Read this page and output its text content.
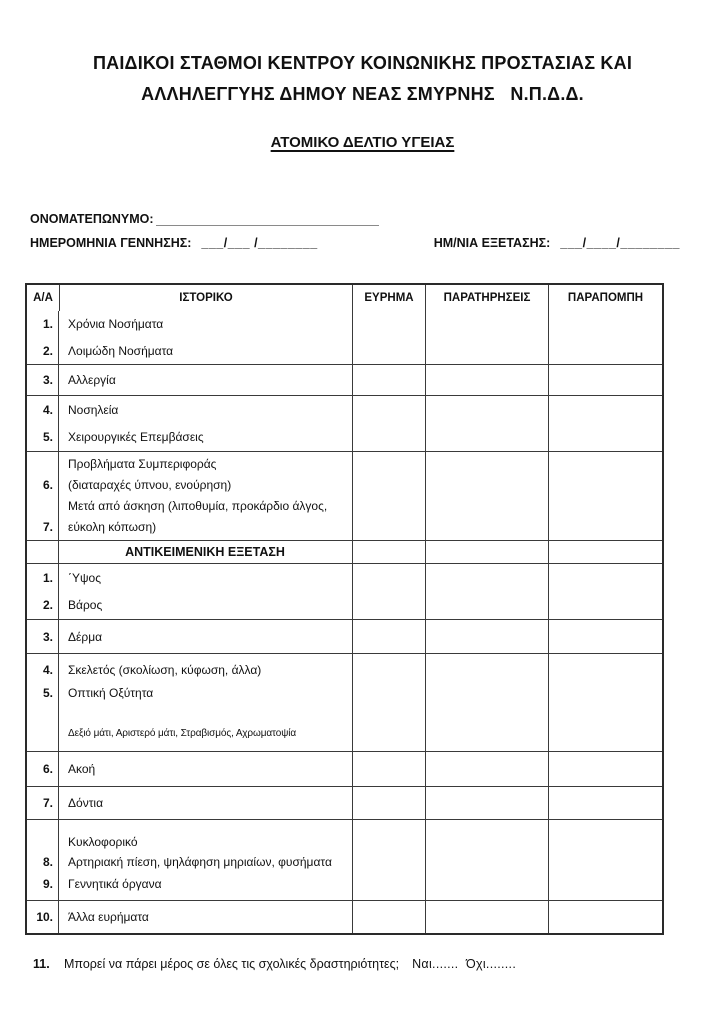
ΠΑΙΔΙΚΟΙ ΣΤΑΘΜΟΙ ΚΕΝΤΡΟΥ ΚΟΙΝΩΝΙΚΗΣ ΠΡΟΣΤΑΣΙΑΣ ΚΑΙ
ΑΛΛΗΛΕΓΓΥΗΣ ΔΗΜΟΥ ΝΕΑΣ ΣΜΥΡΝΗΣ   Ν.Π.Δ.Δ.
ΑΤΟΜΙΚΟ ΔΕΛΤΙΟ ΥΓΕΙΑΣ
ΟΝΟΜΑΤΕΠΩΝΥΜΟ:
ΗΜΕΡΟΜΗΝΙΑ ΓΕΝΝΗΣΗΣ: ___/___ /________	ΗΜ/ΝΙΑ ΕΞΕΤΑΣΗΣ: ___/____/________
Α/Α	ΙΣΤΟΡΙΚΟ	ΕΥΡΗΜΑ	ΠΑΡΑΤΗΡΗΣΕΙΣ	ΠΑΡΑΠΟΜΠΗ
1.	Χρόνια Νοσήματα
2.	Λοιμώδη Νοσήματα
3.	Αλλεργία
4.	Νοσηλεία
5.	Χειρουργικές Επεμβάσεις
Προβλήματα Συμπεριφοράς
6.	(διαταραχές ύπνου, ενούρηση)
Μετά από άσκηση (λιποθυμία, προκάρδιο άλγος,
7.	εύκολη κόπωση)
ΑΝΤΙΚΕΙΜΕΝΙΚΗ ΕΞΕΤΑΣΗ
1.	΄Υψος
2.	Βάρος
3.	Δέρμα
4.	Σκελετός (σκολίωση, κύφωση, άλλα)
5.	Οπτική Οξύτητα
Δεξιό μάτι, Αριστερό μάτι, Στραβισμός, Αχρωματοψία
6.	Ακοή
7.	Δόντια
Κυκλοφορικό
8.	Αρτηριακή πίεση, ψηλάφηση μηριαίων, φυσήματα
9.	Γεννητικά όργανα
10.	Άλλα ευρήματα
11.	Μπορεί να πάρει μέρος σε όλες τις σχολικές δραστηριότητες; Ναι.......  Όχι........
